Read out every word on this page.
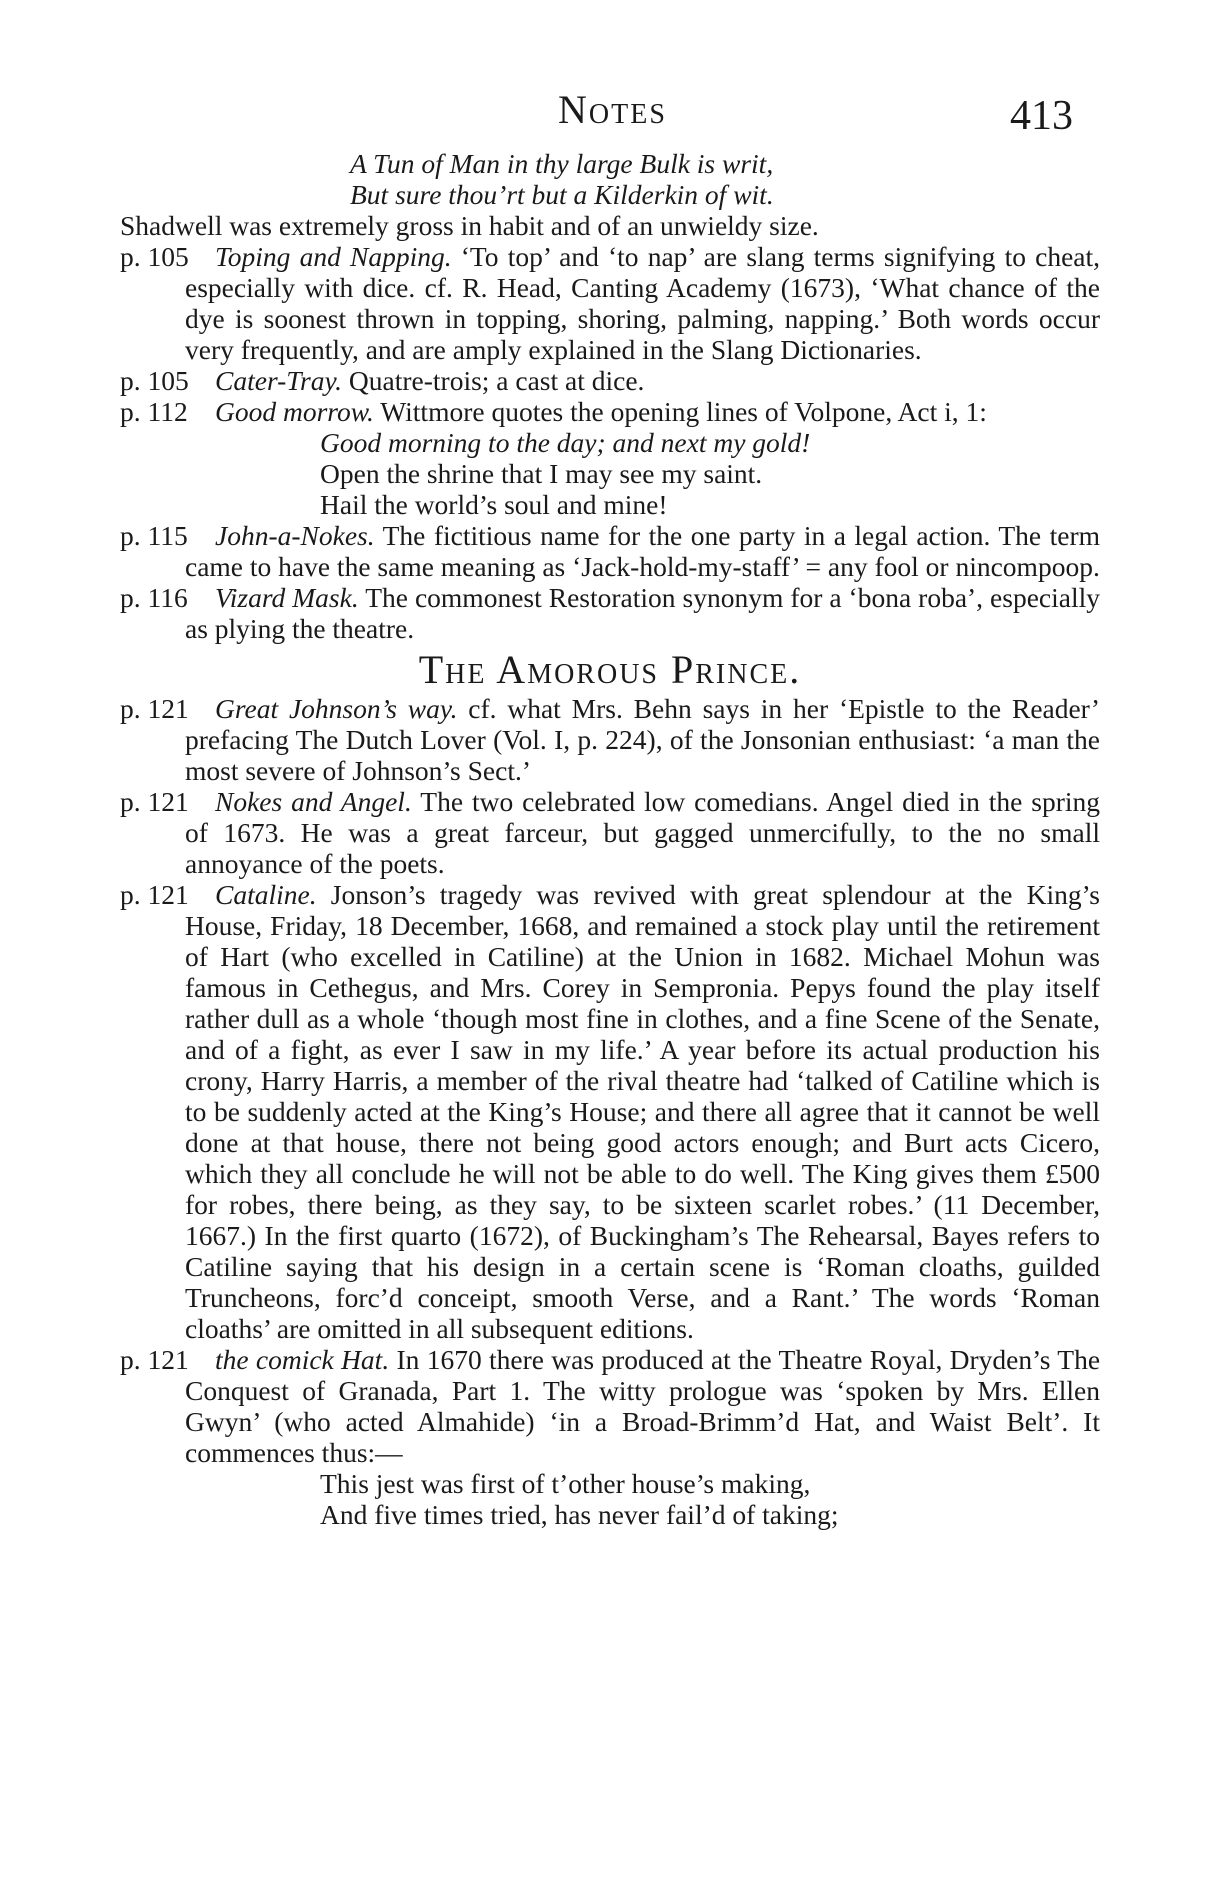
Notes	413
A Tun of Man in thy large Bulk is writ,
But sure thou’rt but a Kilderkin of wit.

Shadwell was extremely gross in habit and of an unwieldy size.

p. 105 Toping and Napping. ‘To top’ and ‘to nap’ are slang terms signifying to cheat, especially with dice. cf. R. Head, Canting Academy (1673), ‘What chance of the dye is soonest thrown in topping, shoring, palming, napping.’ Both words occur very frequently, and are amply explained in the Slang Dictionaries.

p. 105 Cater-Tray. Quatre-trois; a cast at dice.

p. 112 Good morrow. Wittmore quotes the opening lines of Volpone, Act i, 1:

Good morning to the day; and next my gold!
Open the shrine that I may see my saint.
Hail the world’s soul and mine!

p. 115 John-a-Nokes. The fictitious name for the one party in a legal action. The term came to have the same meaning as ‘Jack-hold-my-staff’ = any fool or nincompoop.

p. 116 Vizard Mask. The commonest Restoration synonym for a ‘bona roba’, especially as plying the theatre.

The Amorous Prince.

p. 121 Great Johnson’s way. cf. what Mrs. Behn says in her ‘Epistle to the Reader’ prefacing The Dutch Lover (Vol. I, p. 224), of the Jonsonian enthusiast: ‘a man the most severe of Johnson’s Sect.’

p. 121 Nokes and Angel. The two celebrated low comedians. Angel died in the spring of 1673. He was a great farceur, but gagged unmercifully, to the no small annoyance of the poets.

p. 121 Cataline. Jonson’s tragedy was revived with great splendour at the King’s House, Friday, 18 December, 1668, and remained a stock play until the retirement of Hart (who excelled in Catiline) at the Union in 1682. Michael Mohun was famous in Cethegus, and Mrs. Corey in Sempronia. Pepys found the play itself rather dull as a whole ‘though most fine in clothes, and a fine Scene of the Senate, and of a fight, as ever I saw in my life.’ A year before its actual production his crony, Harry Harris, a member of the rival theatre had ‘talked of Catiline which is to be suddenly acted at the King’s House; and there all agree that it cannot be well done at that house, there not being good actors enough; and Burt acts Cicero, which they all conclude he will not be able to do well. The King gives them £500 for robes, there being, as they say, to be sixteen scarlet robes.’ (11 December, 1667.) In the first quarto (1672), of Buckingham’s The Rehearsal, Bayes refers to Catiline saying that his design in a certain scene is ‘Roman cloaths, guilded Truncheons, forc’d conceipt, smooth Verse, and a Rant.’ The words ‘Roman cloaths’ are omitted in all subsequent editions.

p. 121 the comick Hat. In 1670 there was produced at the Theatre Royal, Dryden’s The Conquest of Granada, Part 1. The witty prologue was ‘spoken by Mrs. Ellen Gwyn’ (who acted Almahide) ‘in a Broad-Brimm’d Hat, and Waist Belt’. It commences thus:—

This jest was first of t’other house’s making,
And five times tried, has never fail’d of taking;
